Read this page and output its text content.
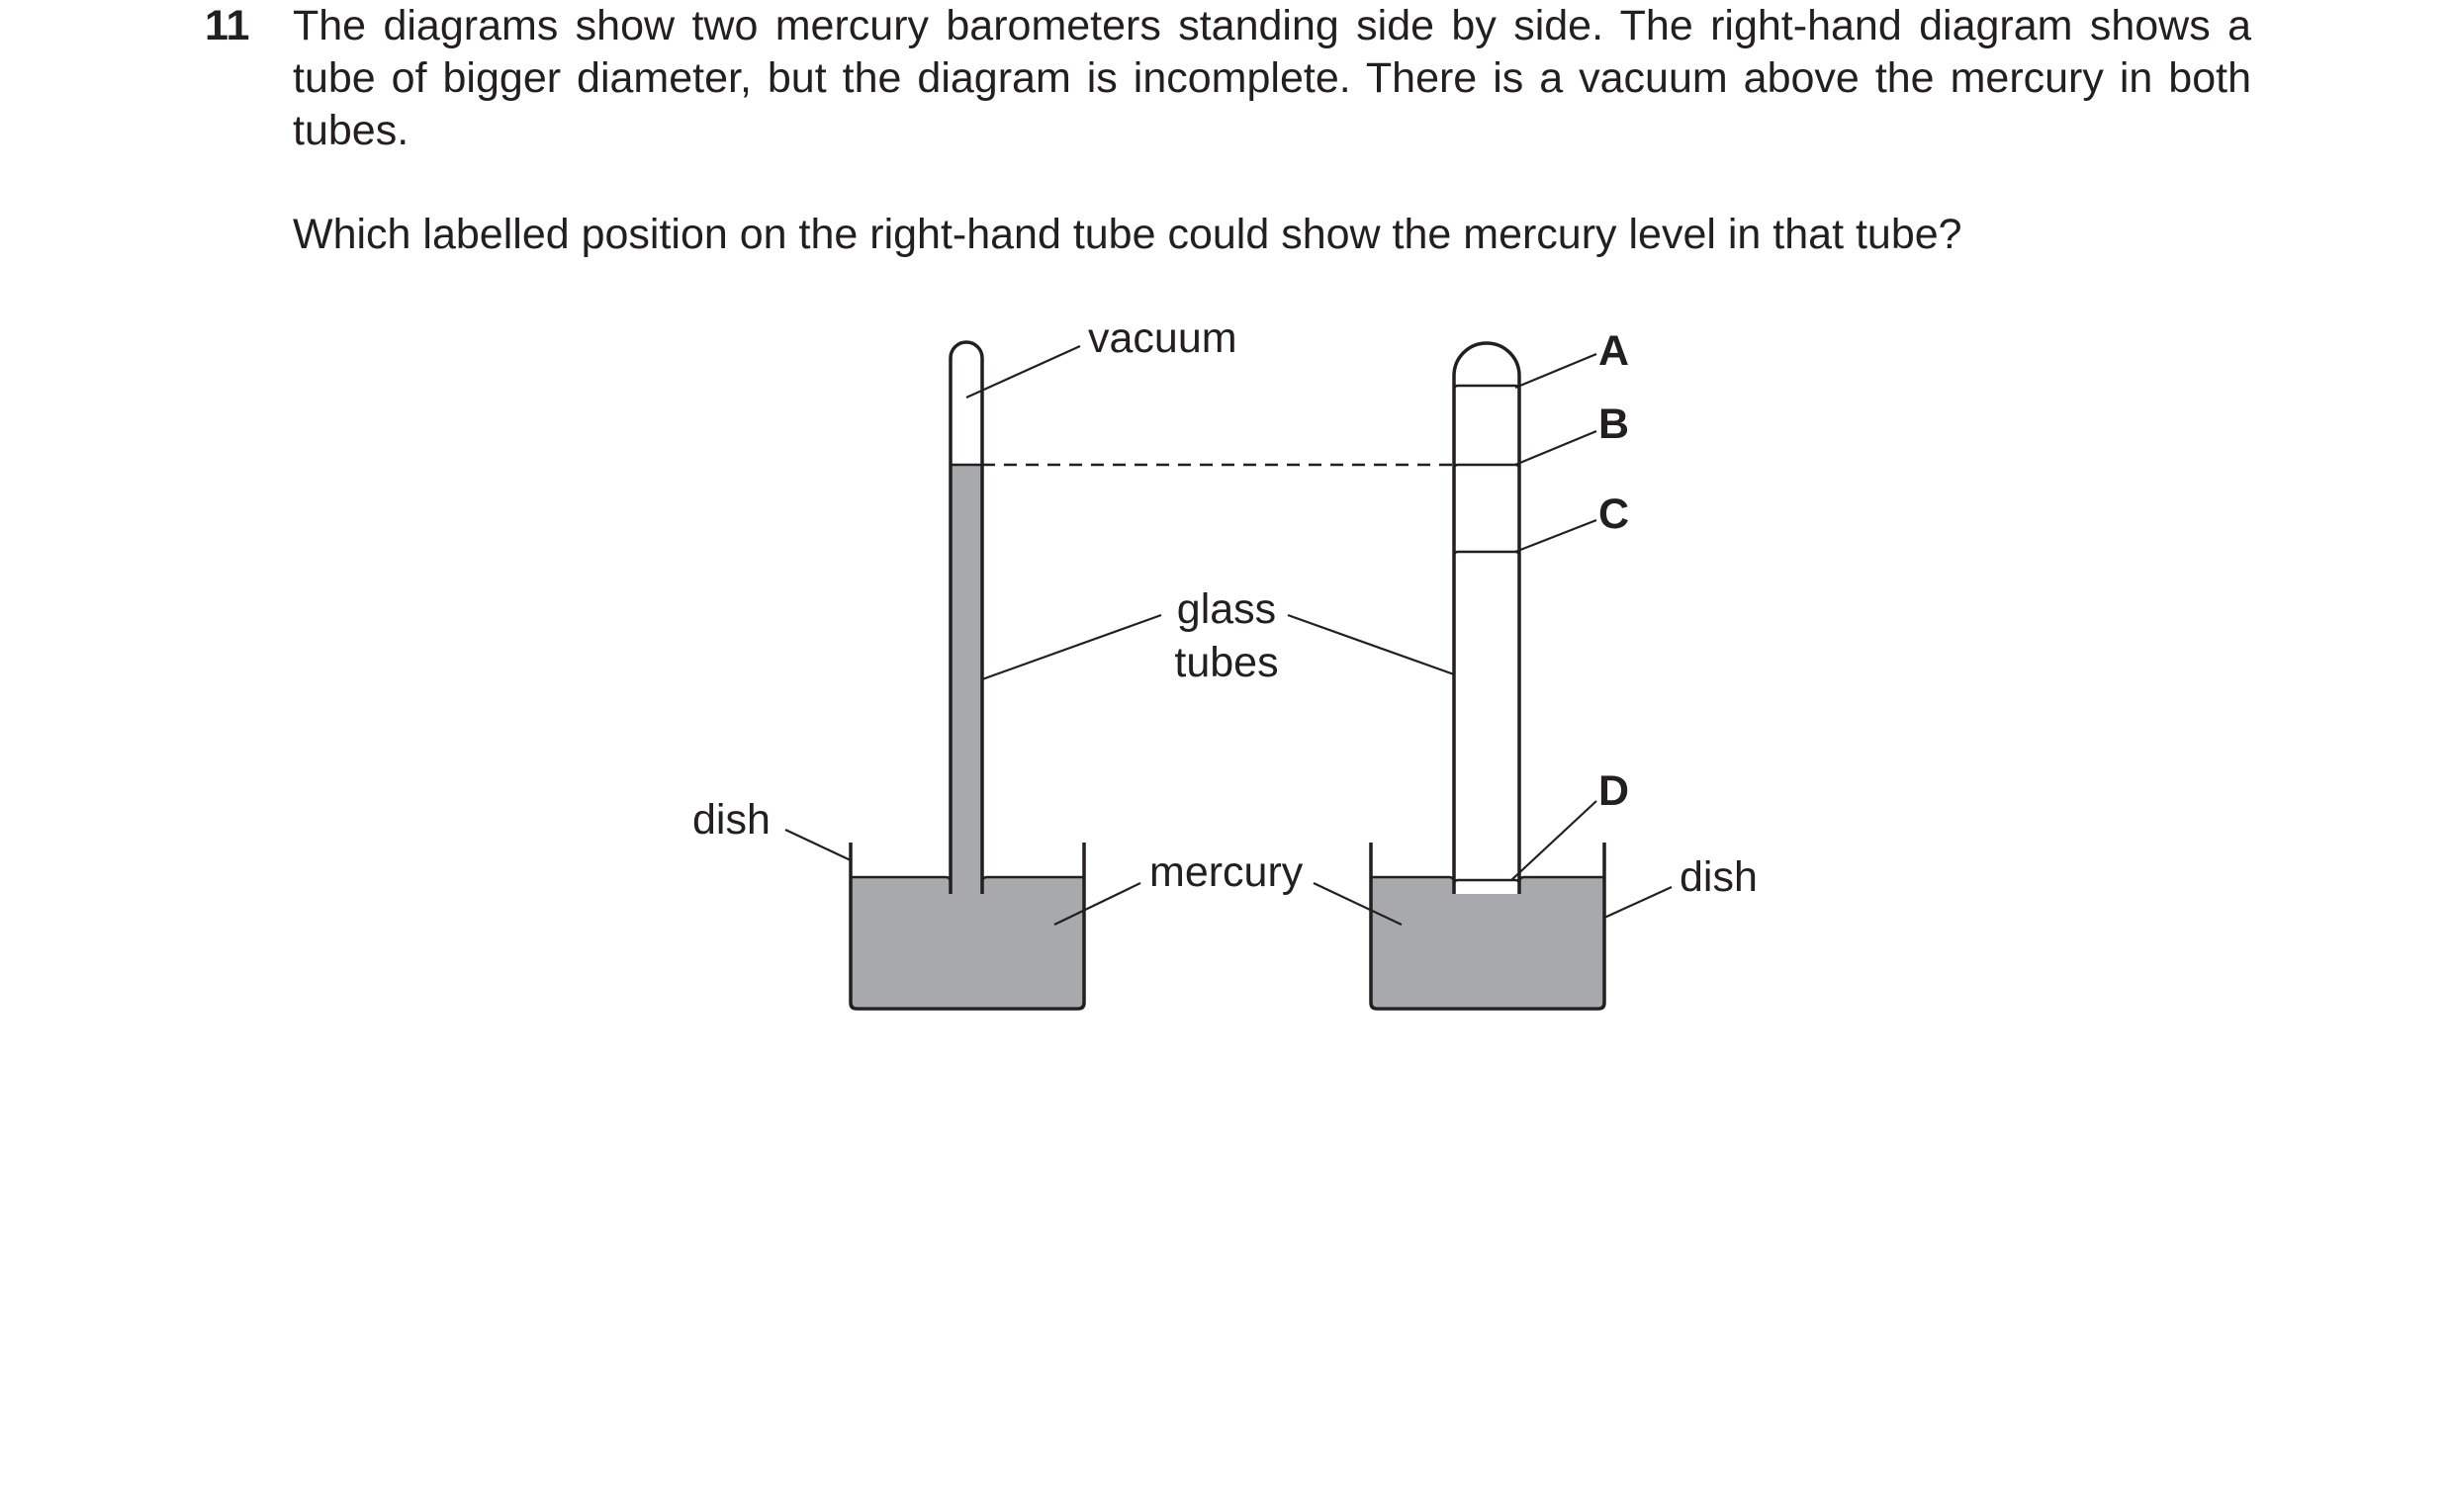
11 The diagrams show two mercury barometers standing side by side. The right-hand diagram shows a tube of bigger diameter, but the diagram is incomplete. There is a vacuum above the mercury in both tubes.
Which labelled position on the right-hand tube could show the mercury level in that tube?
vacuum
glass
tubes
mercury
dish
dish
A
B
C
D
